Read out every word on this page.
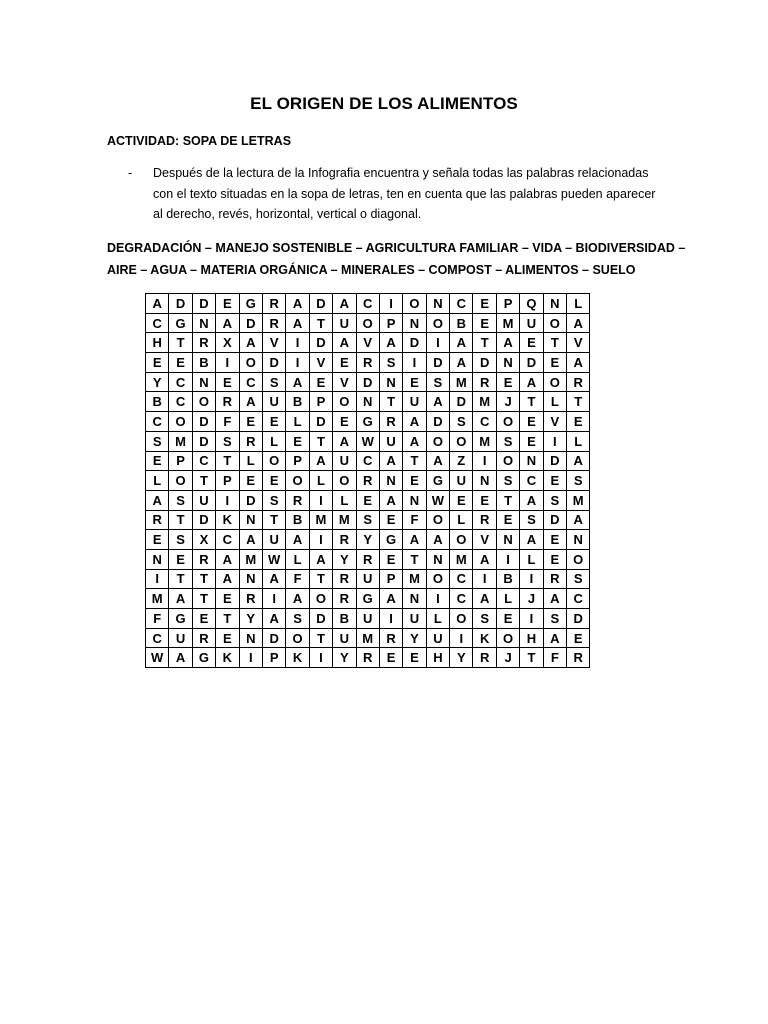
EL ORIGEN DE LOS ALIMENTOS
ACTIVIDAD: SOPA DE LETRAS
- Después de la lectura de la Infografia encuentra y señala todas las palabras relacionadas
con el texto situadas en la sopa de letras, ten en cuenta que las palabras pueden aparecer
al derecho, revés, horizontal, vertical o diagonal.
DEGRADACIÓN – MANEJO SOSTENIBLE – AGRICULTURA FAMILIAR – VIDA – BIODIVERSIDAD –
AIRE – AGUA – MATERIA ORGÁNICA – MINERALES – COMPOST – ALIMENTOS – SUELO
A	D	D	E	G	R	A	D	A	C	I	O	N	C	E	P	Q	N	L
C	G	N	A	D	R	A	T	U	O	P	N	O	B	E	M	U	O	A
H	T	R	X	A	V	I	D	A	V	A	D	I	A	T	A	E	T	V
E	E	B	I	O	D	I	V	E	R	S	I	D	A	D	N	D	E	A
Y	C	N	E	C	S	A	E	V	D	N	E	S	M	R	E	A	O	R
B	C	O	R	A	U	B	P	O	N	T	U	A	D	M	J	T	L	T
C	O	D	F	E	E	L	D	E	G	R	A	D	S	C	O	E	V	E
S	M	D	S	R	L	E	T	A	W	U	A	O	O	M	S	E	I	L
E	P	C	T	L	O	P	A	U	C	A	T	A	Z	I	O	N	D	A
L	O	T	P	E	E	O	L	O	R	N	E	G	U	N	S	C	E	S
A	S	U	I	D	S	R	I	L	E	A	N	W	E	E	T	A	S	M
R	T	D	K	N	T	B	M	M	S	E	F	O	L	R	E	S	D	A
E	S	X	C	A	U	A	I	R	Y	G	A	A	O	V	N	A	E	N
N	E	R	A	M	W	L	A	Y	R	E	T	N	M	A	I	L	E	O
I	T	T	A	N	A	F	T	R	U	P	M	O	C	I	B	I	R	S
M	A	T	E	R	I	A	O	R	G	A	N	I	C	A	L	J	A	C
F	G	E	T	Y	A	S	D	B	U	I	U	L	O	S	E	I	S	D
C	U	R	E	N	D	O	T	U	M	R	Y	U	I	K	O	H	A	E
W	A	G	K	I	P	K	I	Y	R	E	E	H	Y	R	J	T	F	R
